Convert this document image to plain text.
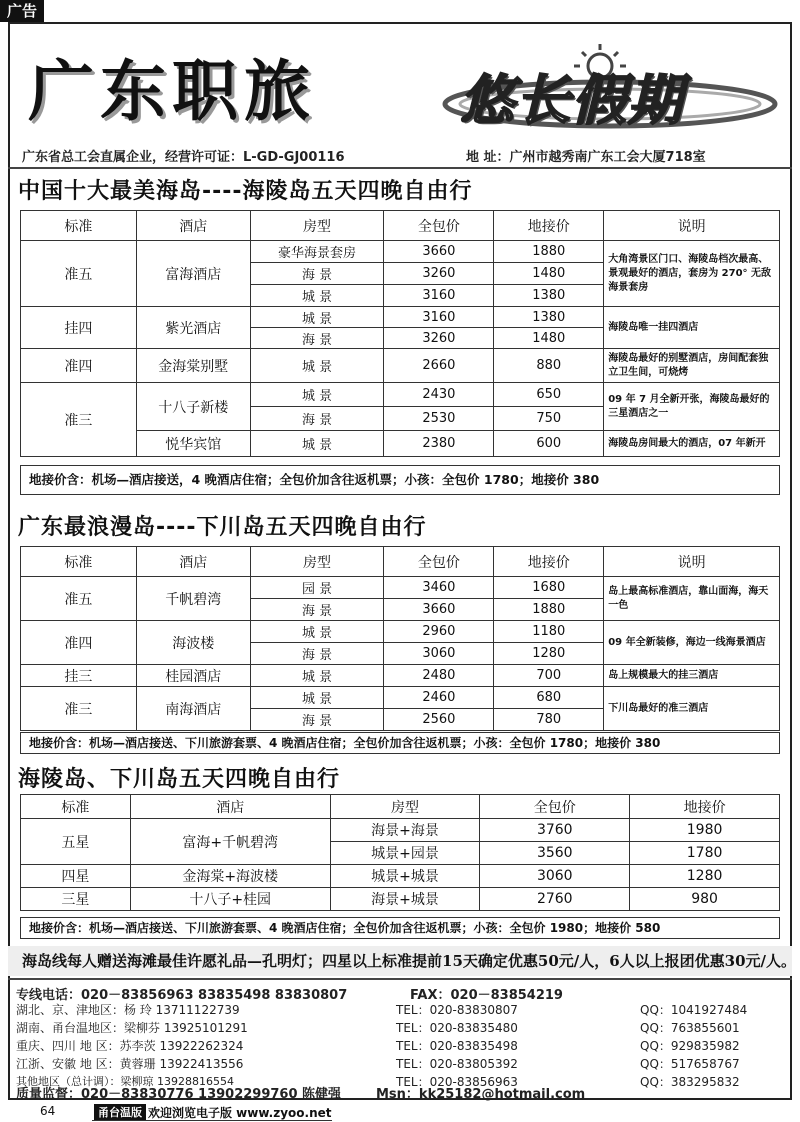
广告
广东职旅	悠长假期
广东省总工会直属企业，经营许可证：L-GD-GJ00116	地 址：广州市越秀南广东工会大厦718室
中国十大最美海岛----海陵岛五天四晚自由行
标准	酒店	房型	全包价	地接价	说明
准五	富海酒店	豪华海景套房	3660	1880	大角湾景区门口、海陵岛档次最高、景观最好的酒店，套房为 270° 无敌海景套房
		海 景	3260	1480	
		城 景	3160	1380	
挂四	紫光酒店	城 景	3160	1380	海陵岛唯一挂四酒店
		海 景	3260	1480	
准四	金海棠别墅	城 景	2660	880	海陵岛最好的别墅酒店，房间配套独立卫生间，可烧烤
准三	十八子新楼	城 景	2430	650	09 年 7 月全新开张，海陵岛最好的三星酒店之一
		海 景	2530	750	
	悦华宾馆	城 景	2380	600	海陵岛房间最大的酒店，07 年新开
地接价含：机场—酒店接送，4 晚酒店住宿；全包价加含往返机票；小孩：全包价 1780；地接价 380
广东最浪漫岛----下川岛五天四晚自由行
标准	酒店	房型	全包价	地接价	说明
准五	千帆碧湾	园 景	3460	1680	岛上最高标准酒店，靠山面海，海天一色
		海 景	3660	1880	
准四	海波楼	城 景	2960	1180	09 年全新装修，海边一线海景酒店
		海 景	3060	1280	
挂三	桂园酒店	城 景	2480	700	岛上规模最大的挂三酒店
准三	南海酒店	城 景	2460	680	下川岛最好的准三酒店
		海 景	2560	780	
地接价含：机场—酒店接送、下川旅游套票、4 晚酒店住宿；全包价加含往返机票；小孩：全包价 1780；地接价 380
海陵岛、下川岛五天四晚自由行
标准	酒店	房型	全包价	地接价
五星	富海+千帆碧湾	海景+海景	3760	1980
		城景+园景	3560	1780
四星	金海棠+海波楼	城景+城景	3060	1280
三星	十八子+桂园	海景+城景	2760	980
地接价含：机场—酒店接送、下川旅游套票、4 晚酒店住宿；全包价加含往返机票；小孩：全包价 1980；地接价 580
海岛线每人赠送海滩最佳许愿礼品—孔明灯；四星以上标准提前15天确定优惠50元/人，6人以上报团优惠30元/人。
专线电话：020－83856963 83835498 83830807	FAX：020－83854219
湖北、京、津地区：杨 玲 13711122739	TEL：020-83830807	QQ：1041927484
湖南、甬台温地区：梁柳芬 13925101291	TEL：020-83835480	QQ：763855601
重庆、四川 地 区：苏李茨 13922262324	TEL：020-83835498	QQ：929835982
江浙、安徽 地 区：黄蓉珊 13922413556	TEL：020-83805392	QQ：517658767
其他地区（总计调）：梁柳琼 13928816554	TEL：020-83856963	QQ：383295832
质量监督：020－83830776 13902299760 陈健强	Msn：kk25182@hotmail.com
64	甬台温版 欢迎浏览电子版 www.zyoo.net
